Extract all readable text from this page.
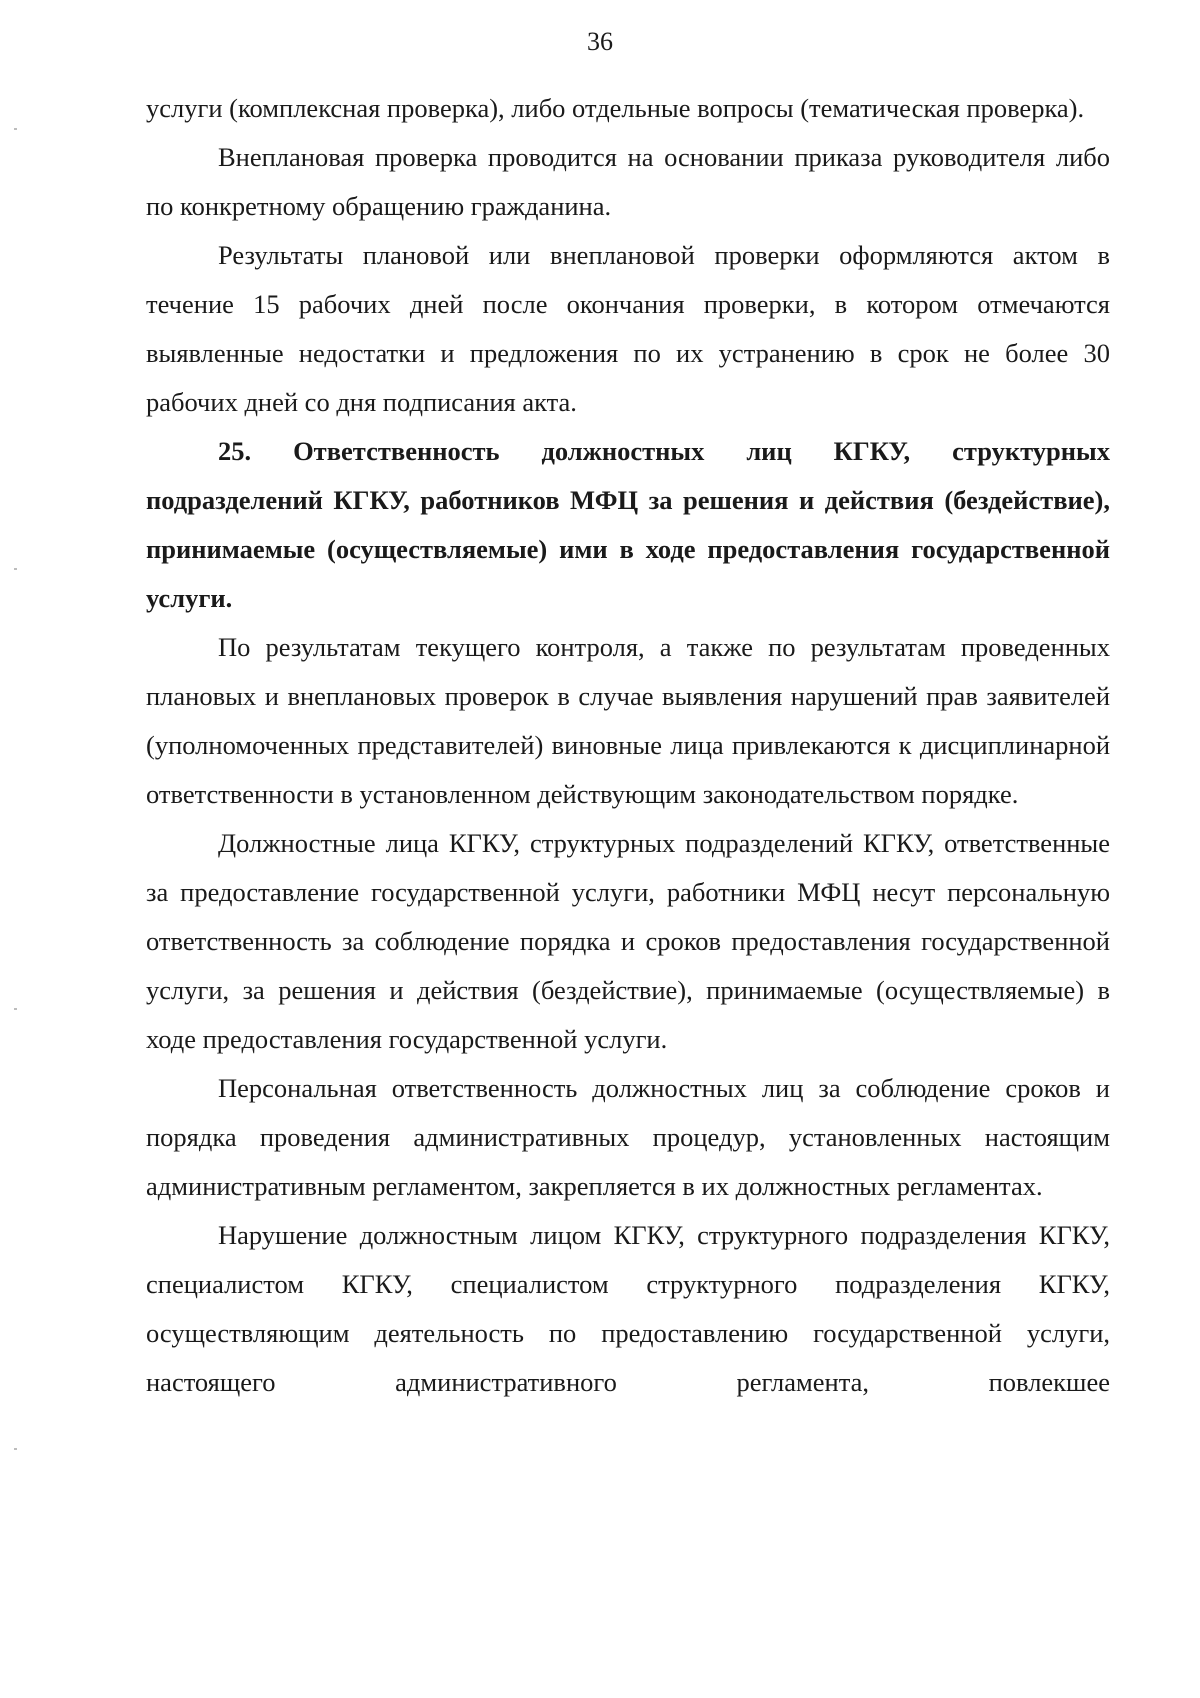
36

услуги (комплексная проверка), либо отдельные вопросы (тематическая проверка).

Внеплановая проверка проводится на основании приказа руководителя либо по конкретному обращению гражданина.

Результаты плановой или внеплановой проверки оформляются актом в течение 15 рабочих дней после окончания проверки, в котором отмечаются выявленные недостатки и предложения по их устранению в срок не более 30 рабочих дней со дня подписания акта.

25. Ответственность должностных лиц КГКУ, структурных подразделений КГКУ, работников МФЦ за решения и действия (бездействие), принимаемые (осуществляемые) ими в ходе предоставления государственной услуги.

По результатам текущего контроля, а также по результатам проведенных плановых и внеплановых проверок в случае выявления нарушений прав заявителей (уполномоченных представителей) виновные лица привлекаются к дисциплинарной ответственности в установленном действующим законодательством порядке.

Должностные лица КГКУ, структурных подразделений КГКУ, ответственные за предоставление государственной услуги, работники МФЦ несут персональную ответственность за соблюдение порядка и сроков предоставления государственной услуги, за решения и действия (бездействие), принимаемые (осуществляемые) в ходе предоставления государственной услуги.

Персональная ответственность должностных лиц за соблюдение сроков и порядка проведения административных процедур, установленных настоящим административным регламентом, закрепляется в их должностных регламентах.

Нарушение должностным лицом КГКУ, структурного подразделения КГКУ, специалистом КГКУ, специалистом структурного подразделения КГКУ, осуществляющим деятельность по предоставлению государственной услуги, настоящего административного регламента, повлекшее
